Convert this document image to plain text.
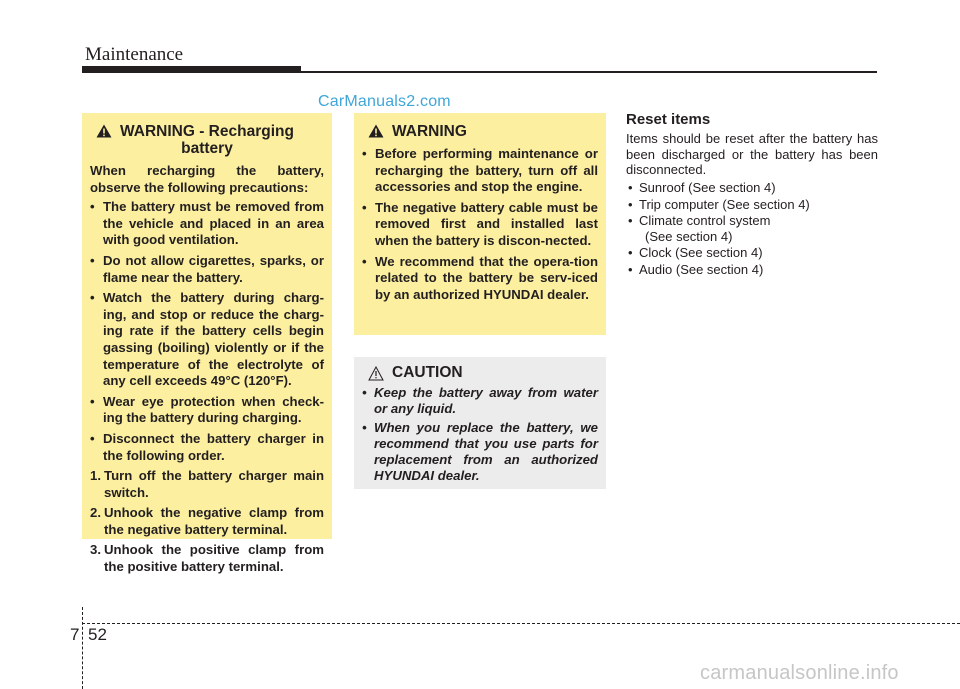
Maintenance
CarManuals2.com
WARNING - Recharging
battery

When recharging the battery, observe the following precautions:

• The battery must be removed from the vehicle and placed in an area with good ventilation.
• Do not allow cigarettes, sparks, or flame near the battery.
• Watch the battery during charg-ing, and stop or reduce the charg-ing rate if the battery cells begin gassing (boiling) violently or if the temperature of the electrolyte of any cell exceeds 49°C (120°F).
• Wear eye protection when check-ing the battery during charging.
• Disconnect the battery charger in the following order.
1. Turn off the battery charger main switch.
2. Unhook the negative clamp from the negative battery terminal.
3. Unhook the positive clamp from the positive battery terminal.
WARNING
• Before performing maintenance or recharging the battery, turn off all accessories and stop the engine.
• The negative battery cable must be removed first and installed last when the battery is discon-nected.
• We recommend that the opera-tion related to the battery be serv-iced by an authorized HYUNDAI dealer.
CAUTION
• Keep the battery away from water or any liquid.
• When you replace the battery, we recommend that you use parts for replacement from an authorized HYUNDAI dealer.
Reset items
Items should be reset after the battery has been discharged or the battery has been disconnected.
• Sunroof (See section 4)
• Trip computer (See section 4)
• Climate control system
(See section 4)
• Clock (See section 4)
• Audio (See section 4)
7 52
carmanualsonline.info
